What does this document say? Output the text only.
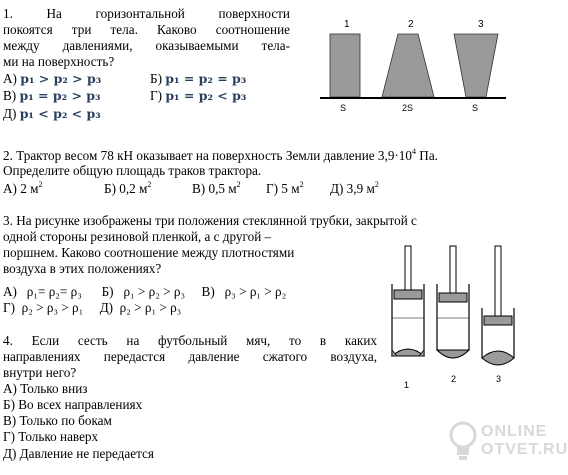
1. На горизонтальной поверхности
покоятся три тела. Каково соотношение
между давлениями, оказываемыми тела-
ми на поверхность?
А) p₁ > p₂ > p₃	Б) p₁ = p₂ = p₃
В) p₁ = p₂ > p₃	Г) p₁ = p₂ < p₃
Д) p₁ < p₂ < p₃
1	2	3
S	2S	S
2. Трактор весом 78 кН оказывает на поверхность Земли давление $3,9\cdot 10^4$ Па.
Определите общую площадь траков трактора.
А) 2 $м^2$	Б) 0,2 $м^2$	В) 0,5 $м^2$ Г) 5 $м^2$ Д) 3,9 $м^2$
3. На рисунке изображены три положения стеклянной трубки, закрытой с
одной стороны резиновой пленкой, а с другой –
поршнем. Каково соотношение между плотностями
воздуха в этих положениях?
А)   ρ₁= ρ₂= ρ₃      Б)   ρ₁ > ρ₂ > ρ₃     В)   ρ₃ > ρ₁ > ρ₂
Г)  ρ₂ > ρ₃ > ρ₁     Д)  ρ₂ > ρ₁ > ρ₃
1
2	3
4. Если сесть на футбольный мяч, то в каких
направлениях передастся давление сжатого воздуха,
внутри него?
А) Только вниз
Б) Во всех направлениях
В) Только по бокам
Г) Только наверх
Д) Давление не передается
ONLINE
OTVET.RU
